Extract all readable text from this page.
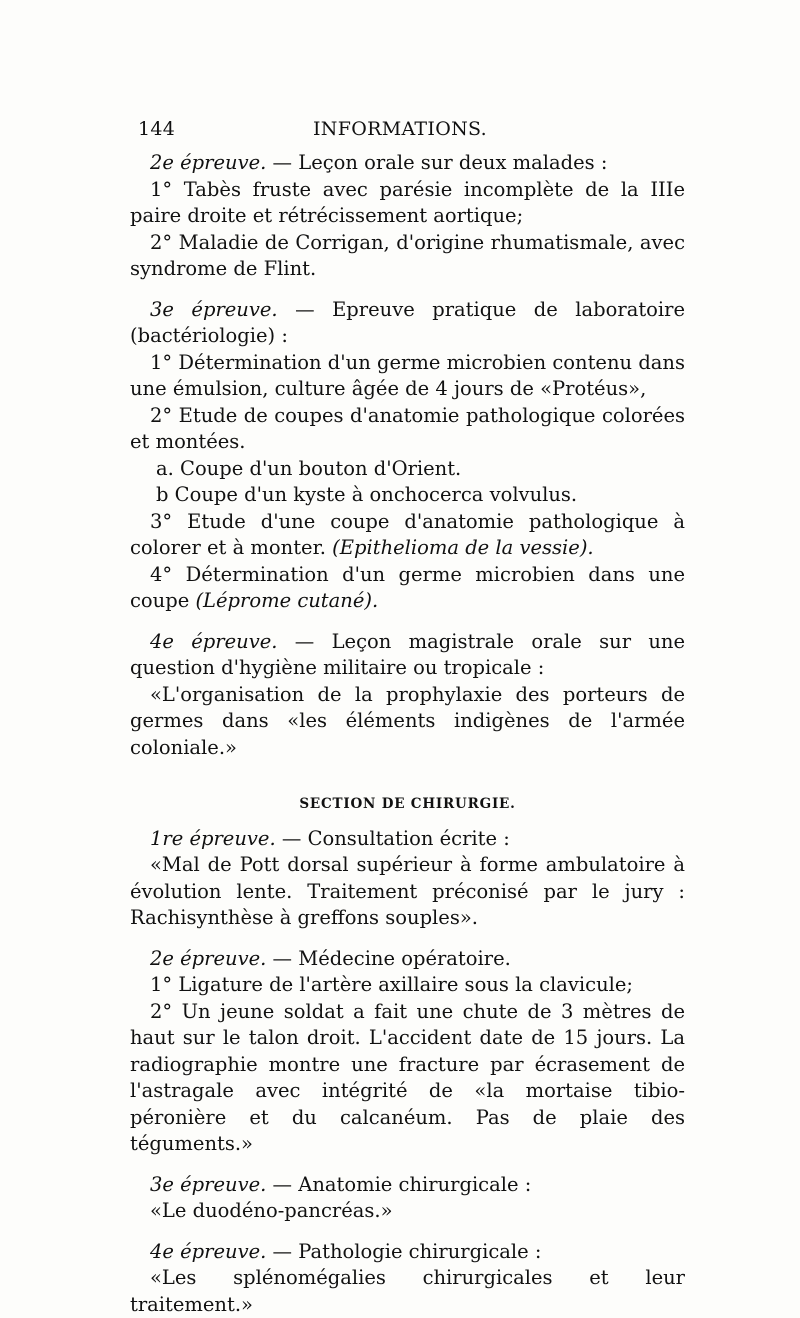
144	INFORMATIONS.

2e épreuve. — Leçon orale sur deux malades :

1° Tabès fruste avec parésie incomplète de la IIIe paire droite et rétrécissement aortique;

2° Maladie de Corrigan, d'origine rhumatismale, avec syndrome de Flint.

3e épreuve. — Epreuve pratique de laboratoire (bactériologie) :

1° Détermination d'un germe microbien contenu dans une émulsion, culture âgée de 4 jours de «Protéus»,

2° Etude de coupes d'anatomie pathologique colorées et montées.

a. Coupe d'un bouton d'Orient.

b Coupe d'un kyste à onchocerca volvulus.

3° Etude d'une coupe d'anatomie pathologique à colorer et à monter. (Epithelioma de la vessie).

4° Détermination d'un germe microbien dans une coupe (Lépromе cutané).

4e épreuve. — Leçon magistrale orale sur une question d'hygiène militaire ou tropicale :

«L'organisation de la prophylaxie des porteurs de germes dans «les éléments indigènes de l'armée coloniale.»

SECTION DE CHIRURGIE.

1re épreuve. — Consultation écrite :

«Mal de Pott dorsal supérieur à forme ambulatoire à évolution lente. Traitement préconisé par le jury : Rachisynthèse à greffons souples».

2e épreuve. — Médecine opératoire.

1° Ligature de l'artère axillaire sous la clavicule;

2° Un jeune soldat a fait une chute de 3 mètres de haut sur le talon droit. L'accident date de 15 jours. La radiographie montre une fracture par écrasement de l'astragale avec intégrité de «la mortaise tibio-péronière et du calcanéum. Pas de plaie des téguments.»

3e épreuve. — Anatomie chirurgicale :

«Le duodéno-pancréas.»

4e épreuve. — Pathologie chirurgicale :

«Les splénomégalies chirurgicales et leur traitement.»
